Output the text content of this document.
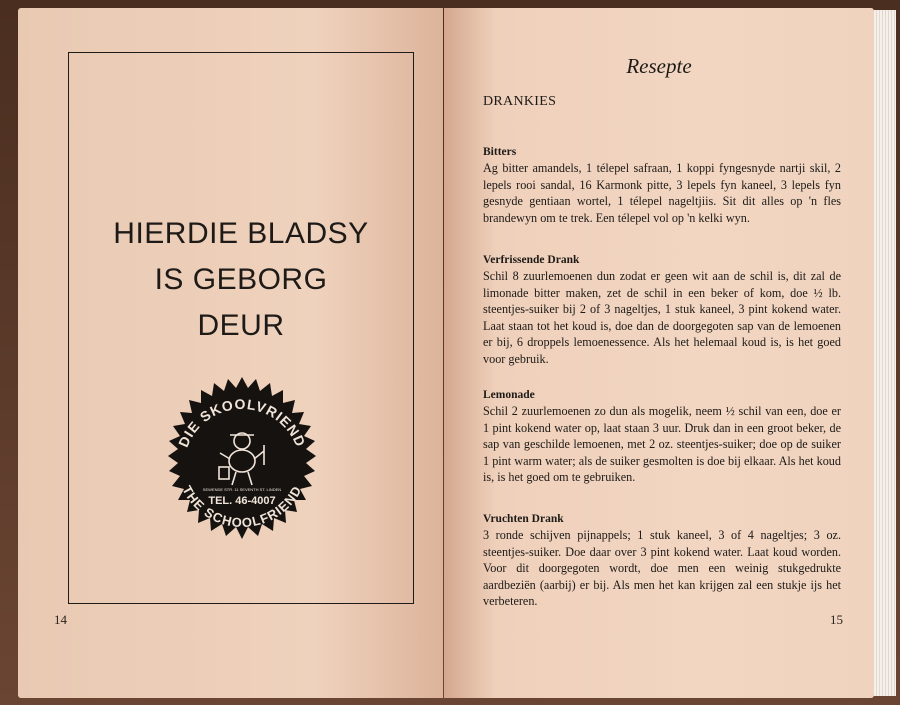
HIERDIE BLADSY
IS GEBORG
DEUR
DIE SKOOLVRIEND
THE SCHOOLFRIEND
SEWENDE STR. 11 SEVENTH ST. LINDEN
TEL. 46-4007
14
Resepte
DRANKIES
Bitters
Ag bitter amandels, 1 télepel safraan, 1 koppi fyngesnyde nartji skil, 2 lepels rooi sandal, 16 Karmonk pitte, 3 lepels fyn kaneel, 3 lepels fyn gesnyde gentiaan wortel, 1 télepel nageltjiis. Sit dit alles op 'n fles brandewyn om te trek. Een télepel vol op 'n kelki wyn.
Verfrissende Drank
Schil 8 zuurlemoenen dun zodat er geen wit aan de schil is, dit zal de limonade bitter maken, zet de schil in een beker of kom, doe ½ lb. steentjes-suiker bij 2 of 3 nageltjes, 1 stuk kaneel, 3 pint kokend water. Laat staan tot het koud is, doe dan de doorgegoten sap van de lemoenen er bij, 6 droppels lemoenessence. Als het helemaal koud is, is het goed voor gebruik.
Lemonade
Schil 2 zuurlemoenen zo dun als mogelik, neem ½ schil van een, doe er 1 pint kokend water op, laat staan 3 uur. Druk dan in een groot beker, de sap van geschilde lemoenen, met 2 oz. steentjes-suiker; doe op de suiker 1 pint warm water; als de suiker gesmolten is doe bij elkaar. Als het koud is, is het goed om te gebruiken.
Vruchten Drank
3 ronde schijven pijnappels; 1 stuk kaneel, 3 of 4 nageltjes; 3 oz. steentjes-suiker. Doe daar over 3 pint kokend water. Laat koud worden. Voor dit doorgegoten wordt, doe men een weinig stukgedrukte aardbeziën (aarbij) er bij. Als men het kan krijgen zal een stukje ijs het verbeteren.
15
